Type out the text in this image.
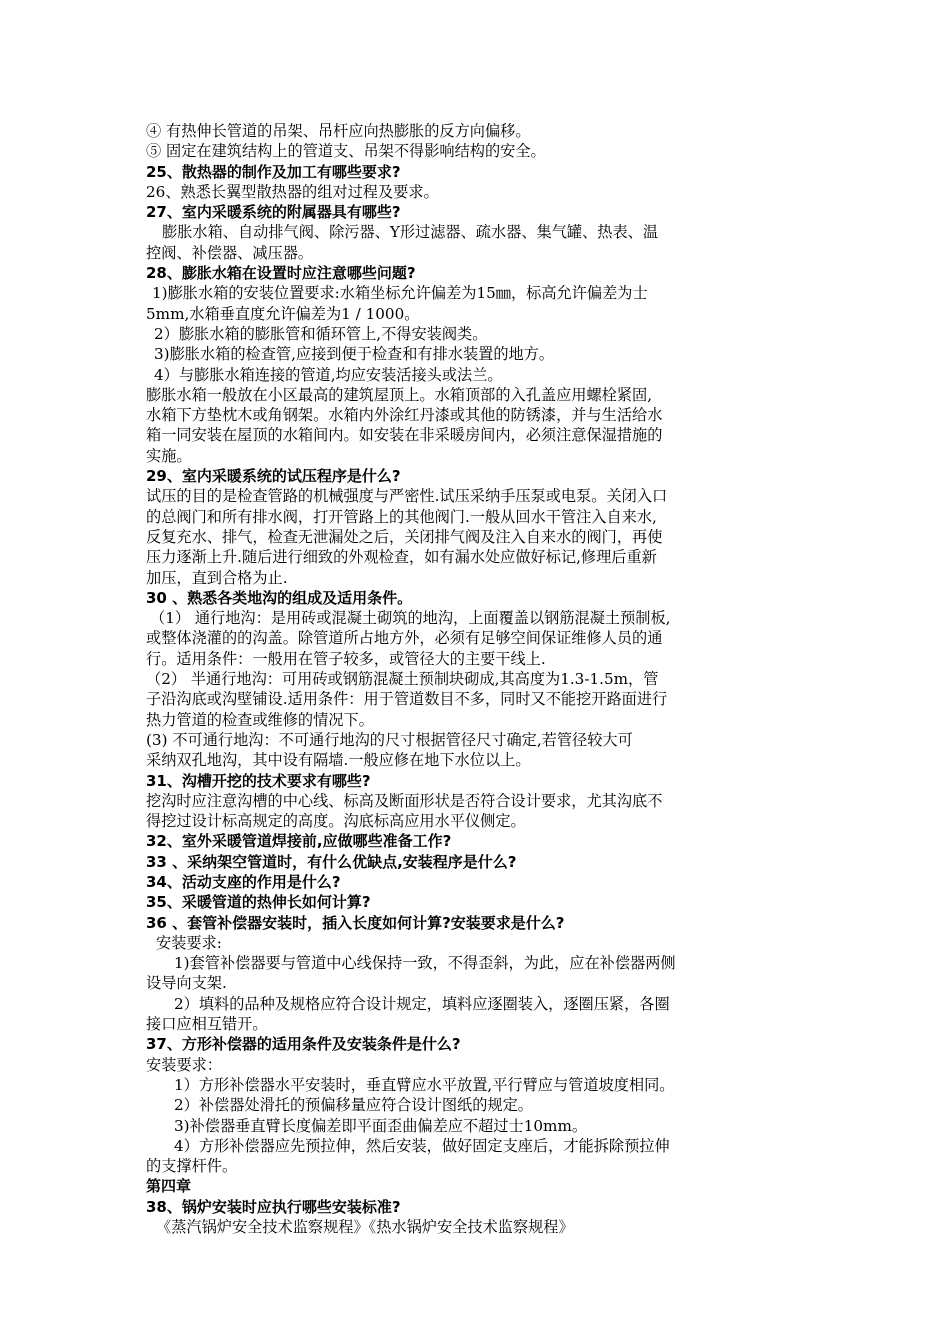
④ 有热伸长管道的吊架、吊杆应向热膨胀的反方向偏移。
⑤ 固定在建筑结构上的管道支、吊架不得影响结构的安全。
25、散热器的制作及加工有哪些要求?
26、熟悉长翼型散热器的组对过程及要求。
27、室内采暖系统的附属器具有哪些?
膨胀水箱、自动排气阀、除污器、Y形过滤器、疏水器、集气罐、热表、温
控阀、补偿器、减压器。
28、膨胀水箱在设置时应注意哪些问题?
1)膨胀水箱的安装位置要求:水箱坐标允许偏差为15㎜，标高允许偏差为士
5mm,水箱垂直度允许偏差为1 / 1000。
2）膨胀水箱的膨胀管和循环管上,不得安装阀类。
3)膨胀水箱的检查管,应接到便于检查和有排水装置的地方。
4）与膨胀水箱连接的管道,均应安装活接头或法兰。
膨胀水箱一般放在小区最高的建筑屋顶上。水箱顶部的入孔盖应用螺栓紧固,
水箱下方垫枕木或角钢架。水箱内外涂红丹漆或其他的防锈漆，并与生活给水
箱一同安装在屋顶的水箱间内。如安装在非采暖房间内，必须注意保湿措施的
实施。
29、室内采暖系统的试压程序是什么?
试压的目的是检查管路的机械强度与严密性.试压采纳手压泵或电泵。关闭入口
的总阀门和所有排水阀，打开管路上的其他阀门.一般从回水干管注入自来水,
反复充水、排气，检查无泄漏处之后，关闭排气阀及注入自来水的阀门，再使
压力逐渐上升.随后进行细致的外观检查，如有漏水处应做好标记,修理后重新
加压，直到合格为止.
30 、熟悉各类地沟的组成及适用条件。
（1） 通行地沟：是用砖或混凝土砌筑的地沟，上面覆盖以钢筋混凝土预制板,
或整体浇灌的的沟盖。除管道所占地方外，必须有足够空间保证维修人员的通
行。适用条件：一般用在管子较多，或管径大的主要干线上.
（2） 半通行地沟：可用砖或钢筋混凝土预制块砌成,其高度为1.3-1.5m，管
子沿沟底或沟壁铺设.适用条件：用于管道数目不多，同时又不能挖开路面进行
热力管道的检查或维修的情况下。
(3) 不可通行地沟：不可通行地沟的尺寸根据管径尺寸确定,若管径较大可
采纳双孔地沟，其中设有隔墙.一般应修在地下水位以上。
31、沟槽开挖的技术要求有哪些?
挖沟时应注意沟槽的中心线、标高及断面形状是否符合设计要求，尤其沟底不
得挖过设计标高规定的高度。沟底标高应用水平仪侧定。
32、室外采暖管道焊接前,应做哪些准备工作?
33 、采纳架空管道时，有什么优缺点,安装程序是什么?
34、活动支座的作用是什么?
35、采暖管道的热伸长如何计算?
36 、套管补偿器安装时，插入长度如何计算?安装要求是什么?
安装要求:
1)套管补偿器要与管道中心线保持一致，不得歪斜，为此，应在补偿器两侧
设导向支架.
2）填料的品种及规格应符合设计规定，填料应逐圈装入，逐圈压紧，各圈
接口应相互错开。
37、方形补偿器的适用条件及安装条件是什么?
安装要求：
1）方形补偿器水平安装时，垂直臂应水平放置,平行臂应与管道坡度相同。
2）补偿器处滑托的预偏移量应符合设计图纸的规定。
3)补偿器垂直臂长度偏差即平面歪曲偏差应不超过士10mm。
4）方形补偿器应先预拉伸，然后安装，做好固定支座后，才能拆除预拉伸
的支撑杆件。
第四章
38、锅炉安装时应执行哪些安装标准?
《蒸汽锅炉安全技术监察规程》《热水锅炉安全技术监察规程》
